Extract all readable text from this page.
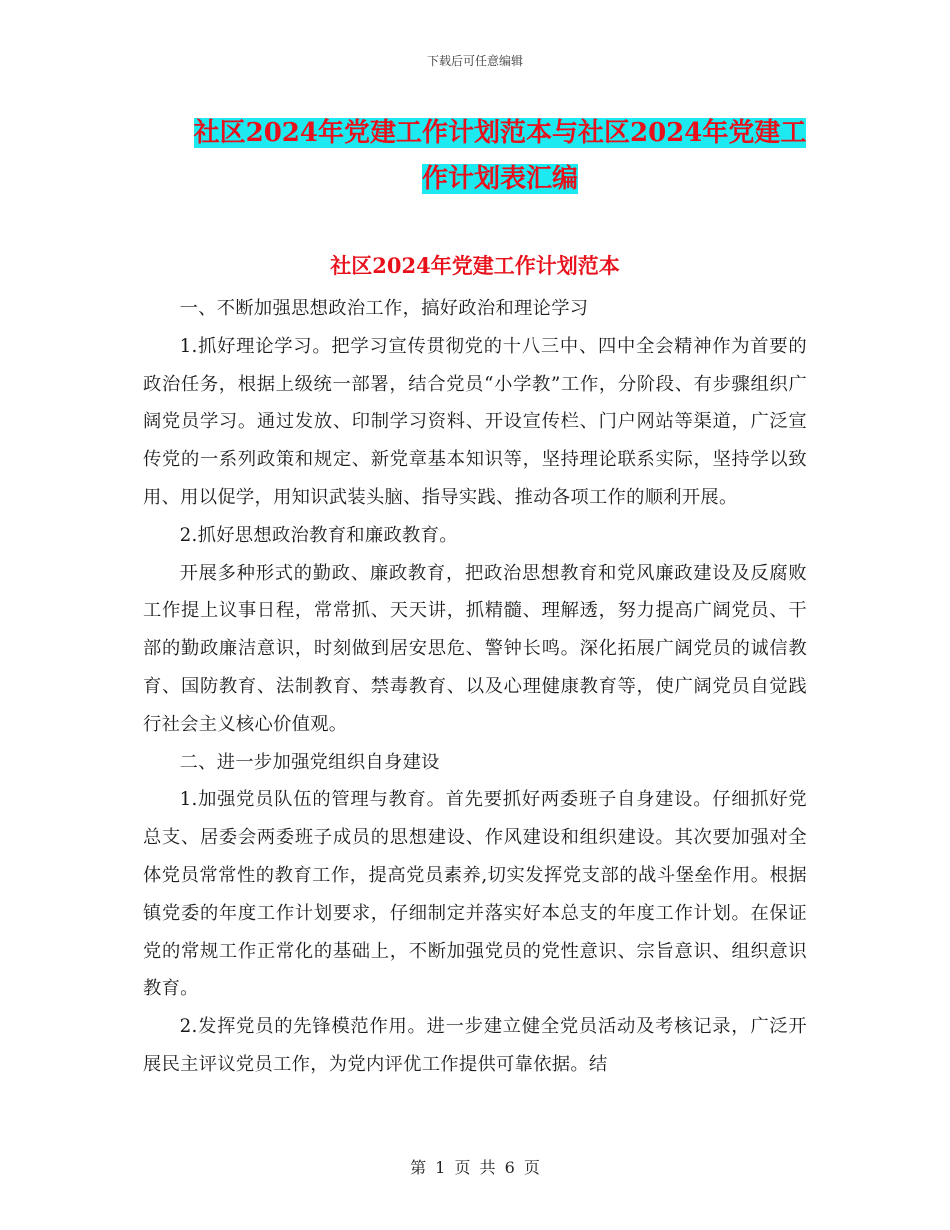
下载后可任意编辑
社区2024年党建工作计划范本与社区2024年党建工作计划表汇编
社区2024年党建工作计划范本

一、不断加强思想政治工作，搞好政治和理论学习

1.抓好理论学习。把学习宣传贯彻党的十八三中、四中全会精神作为首要的政治任务，根据上级统一部署，结合党员“小学教”工作，分阶段、有步骤组织广阔党员学习。通过发放、印制学习资料、开设宣传栏、门户网站等渠道，广泛宣传党的一系列政策和规定、新党章基本知识等，坚持理论联系实际，坚持学以致用、用以促学，用知识武装头脑、指导实践、推动各项工作的顺利开展。

2.抓好思想政治教育和廉政教育。

开展多种形式的勤政、廉政教育，把政治思想教育和党风廉政建设及反腐败工作提上议事日程，常常抓、天天讲，抓精髓、理解透，努力提高广阔党员、干部的勤政廉洁意识，时刻做到居安思危、警钟长鸣。深化拓展广阔党员的诚信教育、国防教育、法制教育、禁毒教育、以及心理健康教育等，使广阔党员自觉践行社会主义核心价值观。

二、进一步加强党组织自身建设

1.加强党员队伍的管理与教育。首先要抓好两委班子自身建设。仔细抓好党总支、居委会两委班子成员的思想建设、作风建设和组织建设。其次要加强对全体党员常常性的教育工作，提高党员素养,切实发挥党支部的战斗堡垒作用。根据镇党委的年度工作计划要求，仔细制定并落实好本总支的年度工作计划。在保证党的常规工作正常化的基础上，不断加强党员的党性意识、宗旨意识、组织意识教育。

2.发挥党员的先锋模范作用。进一步建立健全党员活动及考核记录，广泛开展民主评议党员工作，为党内评优工作提供可靠依据。结

第 1 页 共 6 页
